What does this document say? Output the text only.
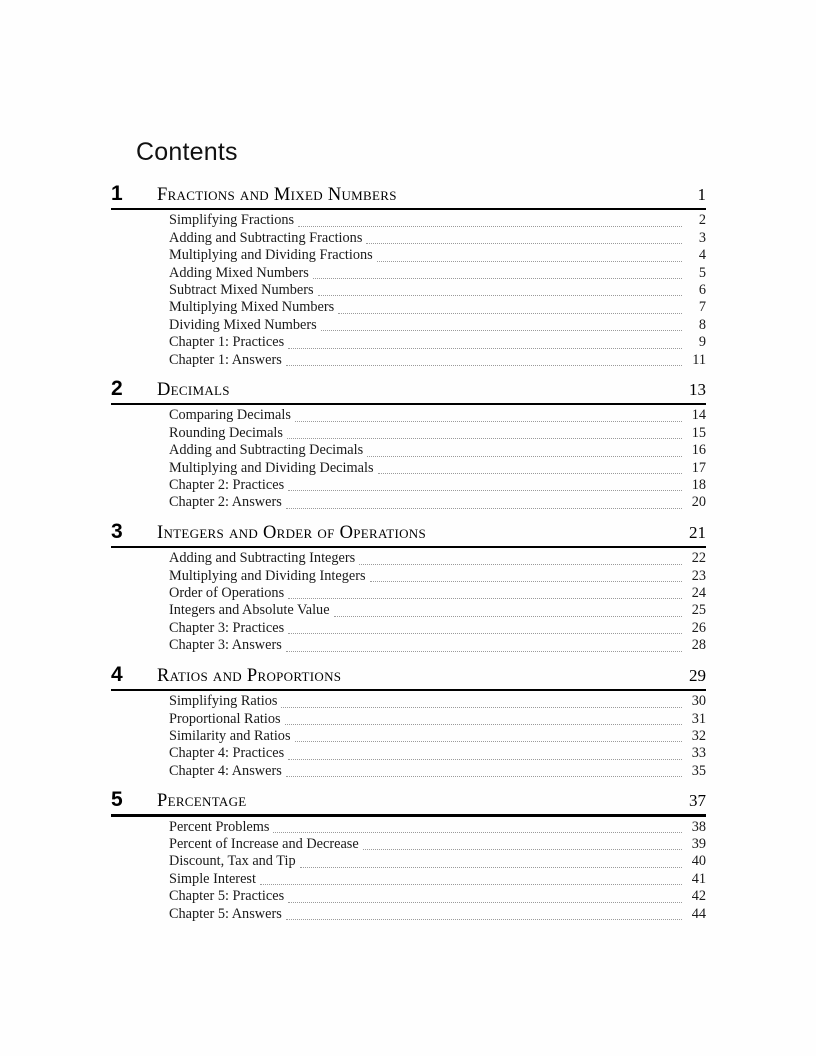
Contents
1	Fractions and Mixed Numbers	1
Simplifying Fractions	2
Adding and Subtracting Fractions	3
Multiplying and Dividing Fractions	4
Adding Mixed Numbers	5
Subtract Mixed Numbers	6
Multiplying Mixed Numbers	7
Dividing Mixed Numbers	8
Chapter 1: Practices	9
Chapter 1: Answers	11
2	Decimals	13
Comparing Decimals	14
Rounding Decimals	15
Adding and Subtracting Decimals	16
Multiplying and Dividing Decimals	17
Chapter 2: Practices	18
Chapter 2: Answers	20
3	Integers and Order of Operations	21
Adding and Subtracting Integers	22
Multiplying and Dividing Integers	23
Order of Operations	24
Integers and Absolute Value	25
Chapter 3: Practices	26
Chapter 3: Answers	28
4	Ratios and Proportions	29
Simplifying Ratios	30
Proportional Ratios	31
Similarity and Ratios	32
Chapter 4: Practices	33
Chapter 4: Answers	35
5	Percentage	37
Percent Problems	38
Percent of Increase and Decrease	39
Discount, Tax and Tip	40
Simple Interest	41
Chapter 5: Practices	42
Chapter 5: Answers	44
